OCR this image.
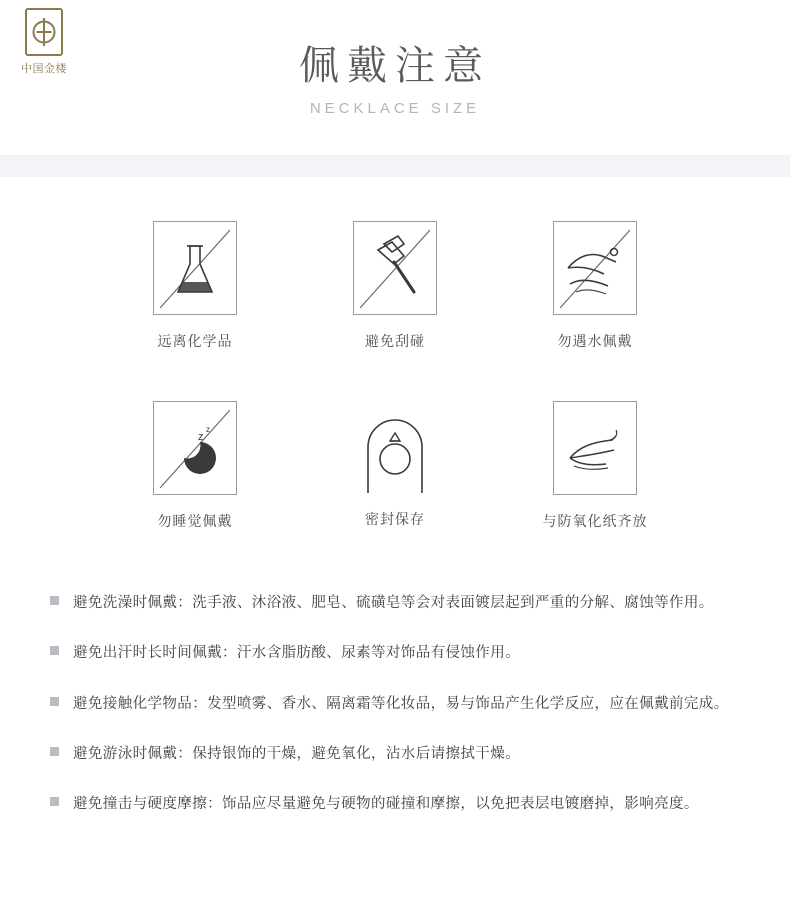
中国金楼	佩戴注意
NECKLACE SIZE
远离化学品	避免刮碰	勿遇水佩戴
z
z
勿睡觉佩戴	密封保存	与防氧化纸齐放
避免洗澡时佩戴：洗手液、沐浴液、肥皂、硫磺皂等会对表面镀层起到严重的分解、腐蚀等作用。
避免出汗时长时间佩戴：汗水含脂肪酸、尿素等对饰品有侵蚀作用。
避免接触化学物品：发型喷雾、香水、隔离霜等化妆品，易与饰品产生化学反应，应在佩戴前完成。
避免游泳时佩戴：保持银饰的干燥，避免氧化，沾水后请擦拭干燥。
避免撞击与硬度摩擦：饰品应尽量避免与硬物的碰撞和摩擦，以免把表层电镀磨掉，影响亮度。
